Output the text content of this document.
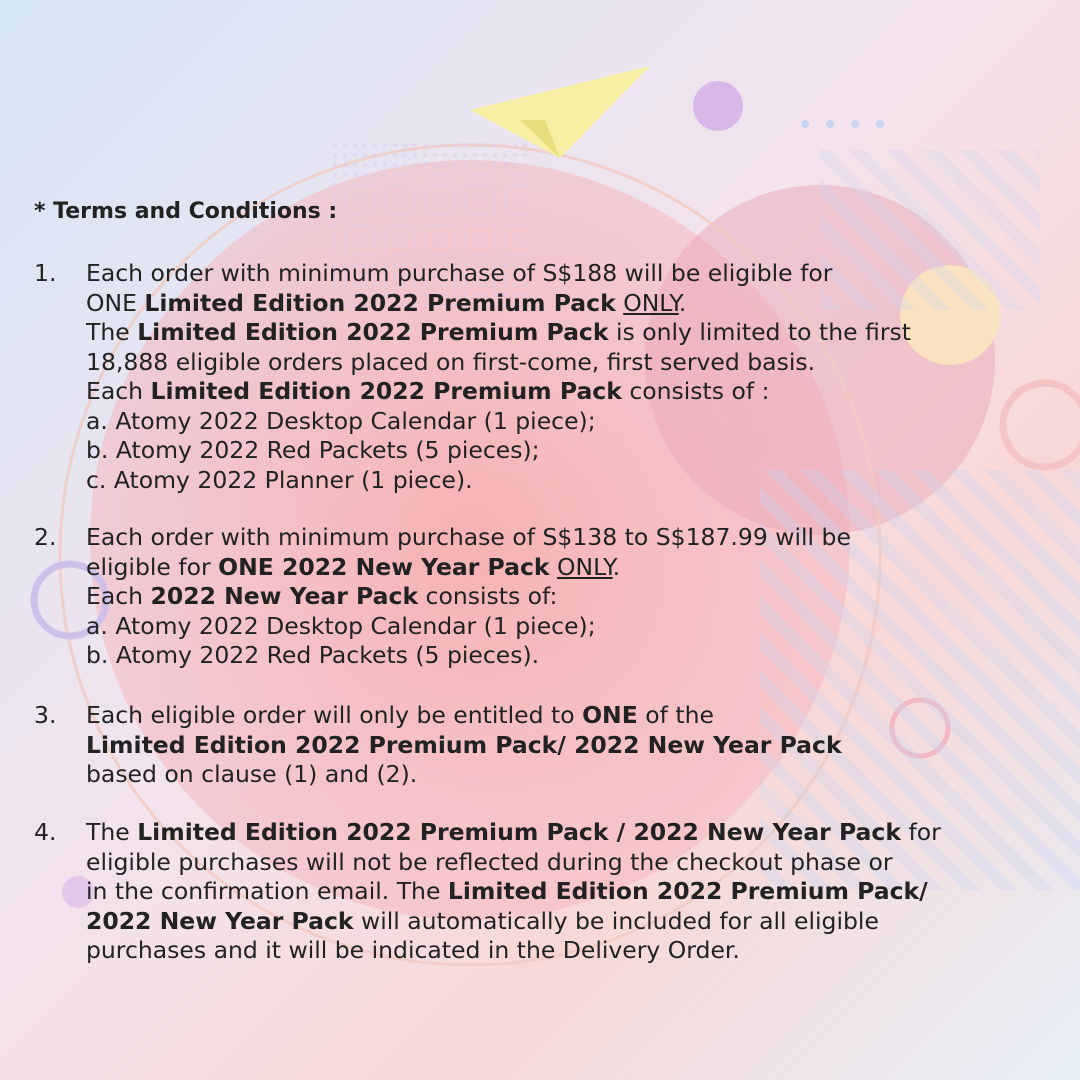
* Terms and Conditions :
1.	Each order with minimum purchase of S$188 will be eligible for
ONE Limited Edition 2022 Premium Pack ONLY.
The Limited Edition 2022 Premium Pack is only limited to the first
18,888 eligible orders placed on first-come, first served basis.
Each Limited Edition 2022 Premium Pack consists of :
a. Atomy 2022 Desktop Calendar (1 piece);
b. Atomy 2022 Red Packets (5 pieces);
c. Atomy 2022 Planner (1 piece).
2.	Each order with minimum purchase of S$138 to S$187.99 will be
eligible for ONE 2022 New Year Pack ONLY.
Each 2022 New Year Pack consists of:
a. Atomy 2022 Desktop Calendar (1 piece);
b. Atomy 2022 Red Packets (5 pieces).
3.	Each eligible order will only be entitled to ONE of the
Limited Edition 2022 Premium Pack/ 2022 New Year Pack
based on clause (1) and (2).
4.	The Limited Edition 2022 Premium Pack / 2022 New Year Pack for
eligible purchases will not be reflected during the checkout phase or
in the confirmation email. The Limited Edition 2022 Premium Pack/
2022 New Year Pack will automatically be included for all eligible
purchases and it will be indicated in the Delivery Order.
